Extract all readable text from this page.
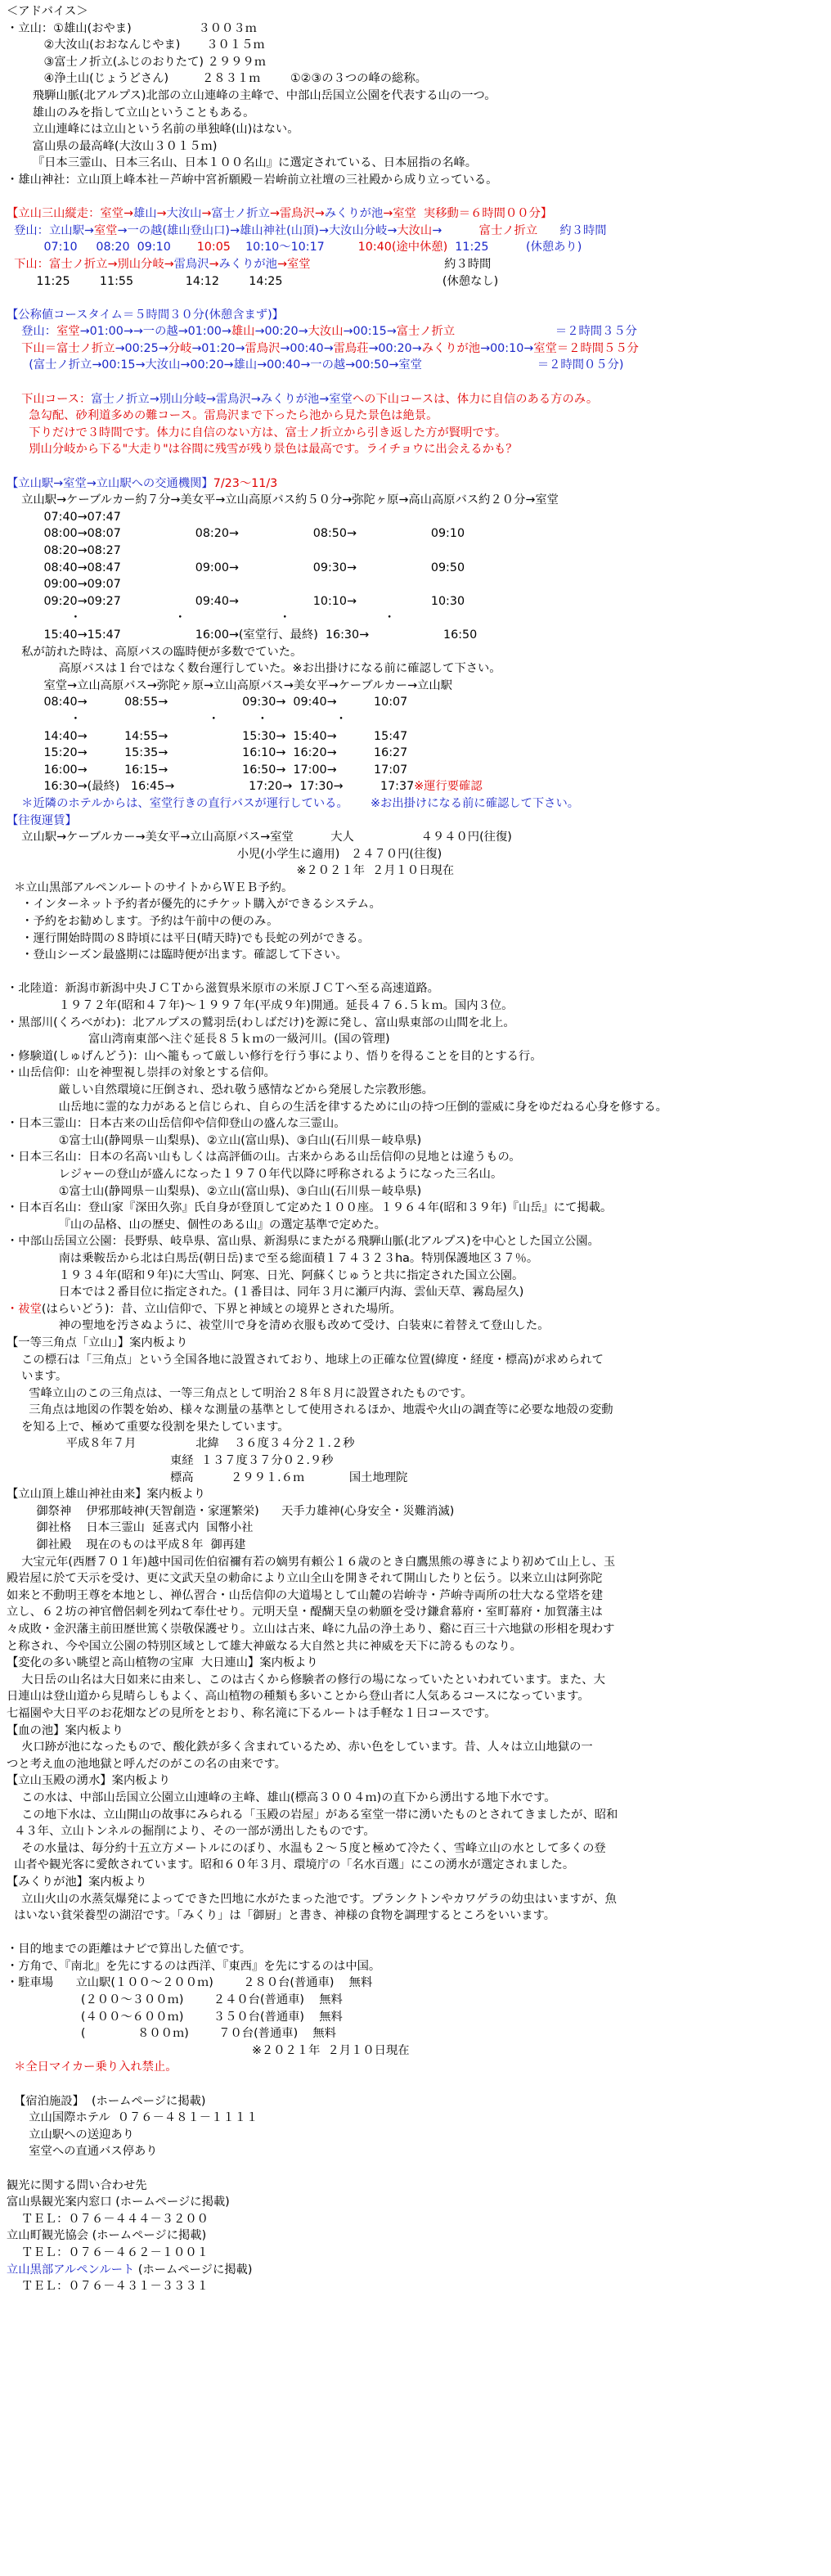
＜アドバイス＞
・立山：①雄山(おやま)                  ３００３ｍ
②大汝山(おおなんじやま)       ３０１５ｍ
③富士ノ折立(ふじのおりたて) ２９９９ｍ
④浄土山(じょうどさん)         ２８３１ｍ        ①②③の３つの峰の総称。
飛騨山脈(北アルプス)北部の立山連峰の主峰で、中部山岳国立公園を代表する山の一つ。
雄山のみを指して立山ということもある。
立山連峰には立山という名前の単独峰(山)はない。
富山県の最高峰(大汝山３０１５ｍ)
『日本三霊山、日本三名山、日本１００名山』に選定されている、日本屈指の名峰。
・雄山神社：立山頂上峰本社－芦峅中宮祈願殿－岩峅前立社壇の三社殿から成り立っている。
【立山三山縦走：室堂→雄山→大汝山→富士ノ折立→雷鳥沢→みくりが池→室堂  実移動＝６時間００分】
登山：立山駅→室堂→一の越(雄山登山口)→雄山神社(山頂)→大汝山分岐→大汝山→          富士ノ折立      約３時間
07:10     08:20  09:10       10:05    10:10～10:17         10:40(途中休憩)  11:25          (休憩あり)
下山：富士ノ折立→別山分岐→雷鳥沢→みくりが池→室堂                                    約３時間
11:25        11:55              14:12        14:25                                           (休憩なし)
【公称値コースタイム＝５時間３０分(休憩含まず)】
登山：室堂→01:00→→一の越→01:00→雄山→00:20→大汝山→00:15→富士ノ折立                           ＝２時間３５分
下山＝富士ノ折立→00:25→分岐→01:20→雷鳥沢→00:40→雷鳥荘→00:20→みくりが池→00:10→室堂＝２時間５５分
(富士ノ折立→00:15→大汝山→00:20→雄山→00:40→一の越→00:50→室堂                               ＝２時間０５分)
下山コース：富士ノ折立→別山分岐→雷鳥沢→みくりが池→室堂への下山コースは、体力に自信のある方のみ。
急勾配、砂利道多めの難コース。雷鳥沢まで下ったら池から見た景色は絶景。
下りだけで３時間です。体力に自信のない方は、富士ノ折立から引き返した方が賢明です。
別山分岐から下る"大走り"は谷間に残雪が残り景色は最高です。ライチョウに出会えるかも？
【立山駅→室堂→立山駅への交通機関】7/23～11/3
立山駅→ケーブルカー約７分→美女平→立山高原バス約５０分→弥陀ヶ原→高山高原バス約２０分→室堂
07:40→07:47
08:00→08:07                    08:20→                    08:50→                    09:10
08:20→08:27
08:40→08:47                    09:00→                    09:30→                    09:50
09:00→09:07
09:20→09:27                    09:40→                    10:10→                    10:30
・                         ・                         ・                         ・
15:40→15:47                    16:00→(室堂行、最終)  16:30→                    16:50
私が訪れた時は、高原バスの臨時便が多数でていた。
高原バスは１台ではなく数台運行していた。※お出掛けになる前に確認して下さい。
室堂→立山高原バス→弥陀ヶ原→立山高原バス→美女平→ケーブルカー→立山駅
08:40→          08:55→                    09:30→  09:40→          10:07
・                                  ・          ・                  ・
14:40→          14:55→                    15:30→  15:40→          15:47
15:20→          15:35→                    16:10→  16:20→          16:27
16:00→          16:15→                    16:50→  17:00→          17:07
16:30→(最終)   16:45→                    17:20→  17:30→          17:37※運行要確認
＊近隣のホテルからは、室堂行きの直行バスが運行している。      ※お出掛けになる前に確認して下さい。
【往復運賃】
立山駅→ケーブルカー→美女平→立山高原バス→室堂          大人                  ４９４０円(往復)
小児(小学生に適用)   ２４７０円(往復)
※２０２１年  ２月１０日現在
＊立山黒部アルペンルートのサイトからＷＥＢ予約。
・インターネット予約者が優先的にチケット購入ができるシステム。
・予約をお勧めします。予約は午前中の便のみ。
・運行開始時間の８時頃には平日(晴天時)でも長蛇の列ができる。
・登山シーズン最盛期には臨時便が出ます。確認して下さい。
・北陸道：新潟市新潟中央ＪＣＴから滋賀県米原市の米原ＪＣＴへ至る高速道路。
１９７２年(昭和４７年)～１９９７年(平成９年)開通。延長４７６.５ｋｍ。国内３位。
・黒部川(くろべがわ)：北アルプスの鷲羽岳(わしばだけ)を源に発し、富山県東部の山間を北上。
富山湾南東部へ注ぐ延長８５ｋｍの一級河川。(国の管理)
・修験道(しゅげんどう)：山へ籠もって厳しい修行を行う事により、悟りを得ることを目的とする行。
・山岳信仰：山を神聖視し崇拝の対象とする信仰。
厳しい自然環境に圧倒され、恐れ敬う感情などから発展した宗教形態。
山岳地に霊的な力があると信じられ、自らの生活を律するために山の持つ圧倒的霊威に身をゆだねる心身を修する。
・日本三霊山：日本古来の山岳信仰や信仰登山の盛んな三霊山。
①富士山(静岡県－山梨県)、②立山(富山県)、③白山(石川県－岐阜県)
・日本三名山：日本の名高い山もしくは高評価の山。古来からある山岳信仰の見地とは違うもの。
レジャーの登山が盛んになった１９７０年代以降に呼称されるようになった三名山。
①富士山(静岡県－山梨県)、②立山(富山県)、③白山(石川県－岐阜県)
・日本百名山：登山家『深田久弥』氏自身が登頂して定めた１００座。１９６４年(昭和３９年)『山岳』にて掲載。
『山の品格、山の歴史、個性のある山』の選定基準で定めた。
・中部山岳国立公園：長野県、岐阜県、富山県、新潟県にまたがる飛騨山脈(北アルプス)を中心とした国立公園。
南は乗鞍岳から北は白馬岳(朝日岳)まで至る総面積１７４３２３ha。特別保護地区３７％。
１９３４年(昭和９年)に大雪山、阿寒、日光、阿蘇くじゅうと共に指定された国立公園。
日本では２番目位に指定された。(１番目は、同年３月に瀬戸内海、雲仙天草、霧島屋久)
・祓堂(はらいどう)：昔、立山信仰で、下界と神域との境界とされた場所。
神の聖地を汚さぬように、祓堂川で身を清め衣服も改めて受け、白装束に着替えて登山した。
【一等三角点「立山」】案内板より
この標石は「三角点」という全国各地に設置されており、地球上の正確な位置(緯度・経度・標高)が求められて
います。
雪峰立山のこの三角点は、一等三角点として明治２８年８月に設置されたものです。
三角点は地図の作製を始め、様々な測量の基準として使用されるほか、地震や火山の調査等に必要な地殻の変動
を知る上で、極めて重要な役割を果たしています。
平成８年７月                北緯    ３６度３４分２１.２秒
東経  １３７度３７分０２.９秒
標高          ２９９１.６ｍ            国土地理院
【立山頂上雄山神社由来】案内板より
御祭神    伊邪那岐神(天智創造・家運繁栄)      天手力雄神(心身安全・災難消滅)
御社格    日本三霊山  延喜式内  国幣小社
御社殿    現在のものは平成８年  御再建
大宝元年(西暦７０１年)越中国司佐伯宿禰有若の嫡男有頼公１６歳のとき白鷹黒熊の導きにより初めて山上し、玉
殿岩屋に於て天示を受け、更に文武天皇の勅命により立山全山を開きそれて開山したりと伝う。以来立山は阿弥陀
如来と不動明王尊を本地とし、禅仏習合・山岳信仰の大道場として山麓の岩峅寺・芦峅寺両所の壮大なる堂塔を建
立し、６２坊の神官僧侶刺を列ねて奉仕せり。元明天皇・醍醐天皇の勅願を受け鎌倉幕府・室町幕府・加賀藩主は
々成敗・金沢藩主前田歴世篤く崇敬保護せり。立山は古来、峰に九品の浄土あり、谿に百三十六地獄の形相を現わす
と称され、今や国立公園の特別区域として雄大神厳なる大自然と共に神威を天下に誇るものなり。
【変化の多い眺望と高山植物の宝庫  大日連山】案内板より
大日岳の山名は大日如来に由来し、このは古くから修験者の修行の場になっていたといわれています。また、大
日連山は登山道から見晴らしもよく、高山植物の種類も多いことから登山者に人気あるコースになっています。
七福園や大日平のお花畑などの見所をとおり、称名滝に下るルートは手軽な１日コースです。
【血の池】案内板より
火口跡が池になったもので、酸化鉄が多く含まれているため、赤い色をしています。昔、人々は立山地獄の一
つと考え血の池地獄と呼んだのがこの名の由来です。
【立山玉殿の湧水】案内板より
この水は、中部山岳国立公園立山連峰の主峰、雄山(標高３００４ｍ)の直下から湧出する地下水です。
この地下水は、立山開山の故事にみられる「玉殿の岩屋」がある室堂一帯に湧いたものとされてきましたが、昭和
４３年、立山トンネルの掘削により、その一部が湧出したものです。
その水量は、毎分約十五立方メートルにのぼり、水温も２～５度と極めて冷たく、雪峰立山の水として多くの登
山者や観光客に愛飲されています。昭和６０年３月、環境庁の「名水百選」にこの湧水が選定されました。
【みくりが池】案内板より
立山火山の水蒸気爆発によってできた凹地に水がたまった池です。プランクトンやカワゲラの幼虫はいますが、魚
はいない貧栄養型の湖沼です。「みくり」は「御厨」と書き、神様の食物を調理するところをいいます。
・目的地までの距離はナビで算出した値です。
・方角で、『南北』を先にするのは西洋、『東西』を先にするのは中国。
・駐車場      立山駅(１００～２００ｍ)        ２８０台(普通車)    無料
(２００～３００ｍ)        ２４０台(普通車)    無料
(４００～６００ｍ)        ３５０台(普通車)    無料
(              ８００ｍ)        ７０台(普通車)    無料
※２０２１年  ２月１０日現在
＊全日マイカー乗り入れ禁止。
【宿泊施設】  (ホームページに掲載)
立山国際ホテル  ０７６－４８１－１１１１
立山駅への送迎あり
室堂への直通バス停あり
観光に関する問い合わせ先
富山県観光案内窓口 (ホームページに掲載)
ＴＥＬ：０７６－４４４－３２００
立山町観光協会 (ホームページに掲載)
ＴＥＬ：０７６－４６２－１００１
立山黒部アルペンルート (ホームページに掲載)
ＴＥＬ：０７６－４３１－３３３１
